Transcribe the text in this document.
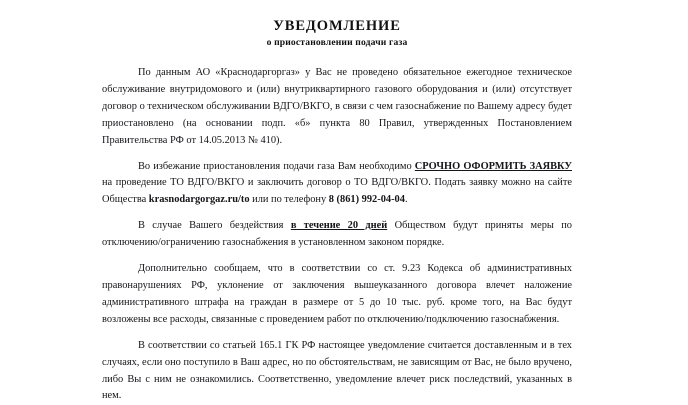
УВЕДОМЛЕНИЕ
о приостановлении подачи газа

По данным АО «Краснодаргоргаз» у Вас не проведено обязательное ежегодное техническое обслуживание внутридомового и (или) внутриквартирного газового оборудования и (или) отсутствует договор о техническом обслуживании ВДГО/ВКГО, в связи с чем газоснабжение по Вашему адресу будет приостановлено (на основании подп. «б» пункта 80 Правил, утвержденных Постановлением Правительства РФ от 14.05.2013 № 410).

Во избежание приостановления подачи газа Вам необходимо СРОЧНО ОФОРМИТЬ ЗАЯВКУ на проведение ТО ВДГО/ВКГО и заключить договор о ТО ВДГО/ВКГО. Подать заявку можно на сайте Общества krasnodargorgaz.ru/to или по телефону 8 (861) 992-04-04.

В случае Вашего бездействия в течение 20 дней Обществом будут приняты меры по отключению/ограничению газоснабжения в установленном законом порядке.

Дополнительно сообщаем, что в соответствии со ст. 9.23 Кодекса об административных правонарушениях РФ, уклонение от заключения вышеуказанного договора влечет наложение административного штрафа на граждан в размере от 5 до 10 тыс. руб. кроме того, на Вас будут возложены все расходы, связанные с проведением работ по отключению/подключению газоснабжения.

В соответствии со статьей 165.1 ГК РФ настоящее уведомление считается доставленным и в тех случаях, если оно поступило в Ваш адрес, но по обстоятельствам, не зависящим от Вас, не было вручено, либо Вы с ним не ознакомились. Соответственно, уведомление влечет риск последствий, указанных в нем.
